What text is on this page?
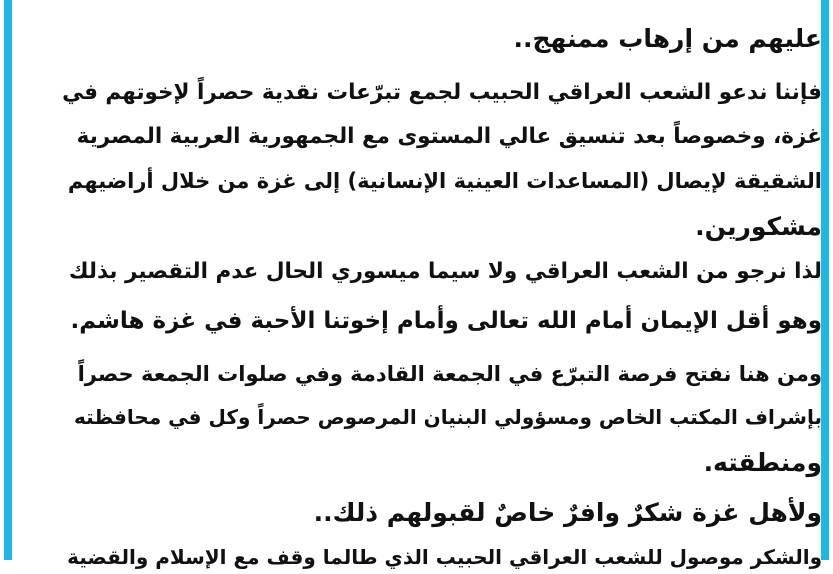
عليهم من إرهاب ممنهج..
فإننا ندعو الشعب العراقي الحبيب لجمع تبرّعات نقدية حصراً لإخوتهم في
غزة، وخصوصاً بعد تنسيق عالي المستوى مع الجمهورية العربية المصرية
الشقيقة لإيصال (المساعدات العينية الإنسانية) إلى غزة من خلال أراضيهم
مشكورين.
لذا نرجو من الشعب العراقي ولا سيما ميسوري الحال عدم التقصير بذلك
وهو أقل الإيمان أمام الله تعالى وأمام إخوتنا الأحبة في غزة هاشم.
ومن هنا نفتح فرصة التبرّع في الجمعة القادمة وفي صلوات الجمعة حصراً
بإشراف المكتب الخاص ومسؤولي البنيان المرصوص حصراً وكل في محافظته
ومنطقته.
ولأهل غزة شكرٌ وافرٌ خاصٌ لقبولهم ذلك..
والشكر موصول للشعب العراقي الحبيب الذي طالما وقف مع الإسلام والقضية
